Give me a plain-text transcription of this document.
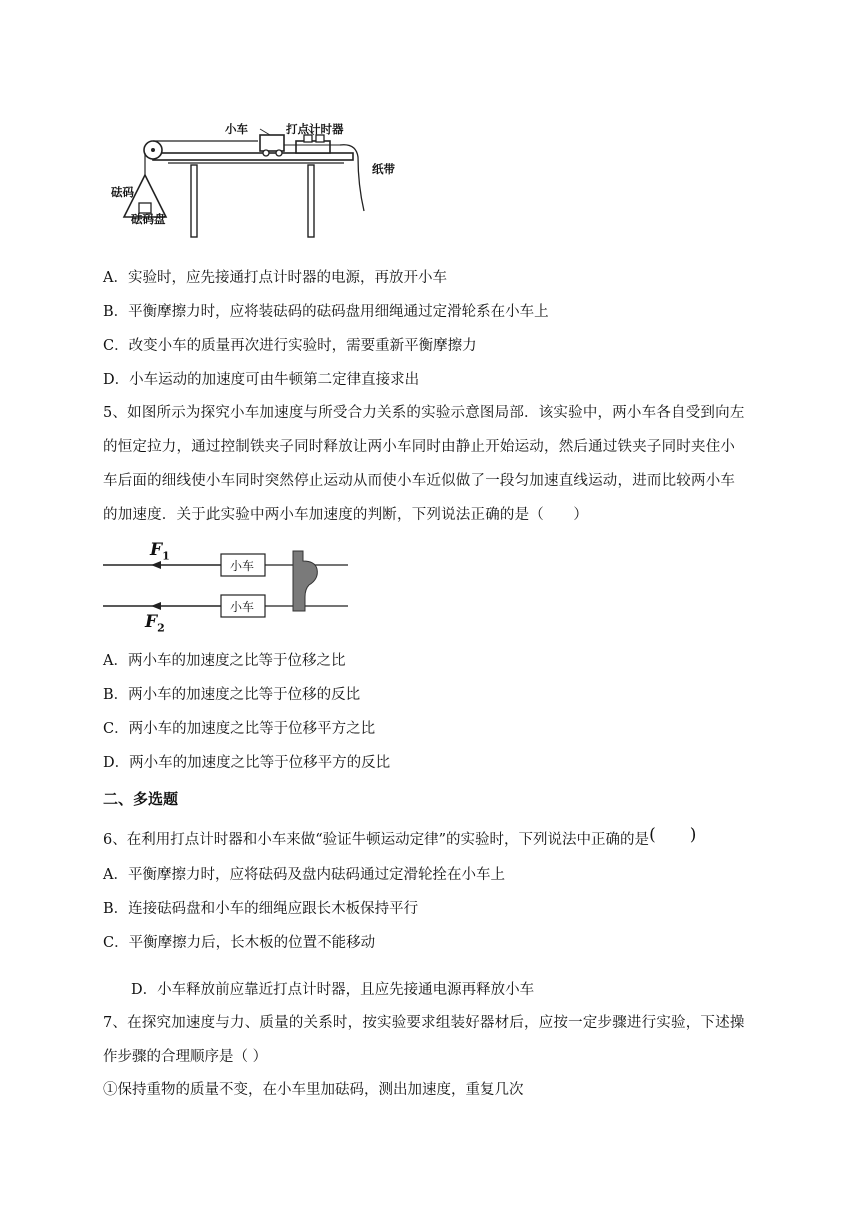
小车	打点计时器
纸带
砝码
砝码盘
A．实验时，应先接通打点计时器的电源，再放开小车
B．平衡摩擦力时，应将装砝码的砝码盘用细绳通过定滑轮系在小车上
C．改变小车的质量再次进行实验时，需要重新平衡摩擦力
D．小车运动的加速度可由牛顿第二定律直接求出
5、如图所示为探究小车加速度与所受合力关系的实验示意图局部．该实验中，两小车各自受到向左
的恒定拉力，通过控制铁夹子同时释放让两小车同时由静止开始运动，然后通过铁夹子同时夹住小
车后面的细线使小车同时突然停止运动从而使小车近似做了一段匀加速直线运动，进而比较两小车
的加速度．关于此实验中两小车加速度的判断，下列说法正确的是（　　）
$F_1$
$F_2$
小车
小车
A．两小车的加速度之比等于位移之比
B．两小车的加速度之比等于位移的反比
C．两小车的加速度之比等于位移平方之比
D．两小车的加速度之比等于位移平方的反比
二、多选题
6、在利用打点计时器和小车来做“验证牛顿运动定律”的实验时，下列说法中正确的是(　　)
A．平衡摩擦力时，应将砝码及盘内砝码通过定滑轮拴在小车上
B．连接砝码盘和小车的细绳应跟长木板保持平行
C．平衡摩擦力后，长木板的位置不能移动
D．小车释放前应靠近打点计时器，且应先接通电源再释放小车
7、在探究加速度与力、质量的关系时，按实验要求组装好器材后，应按一定步骤进行实验，下述操
作步骤的合理顺序是（ ）
①保持重物的质量不变，在小车里加砝码，测出加速度，重复几次
